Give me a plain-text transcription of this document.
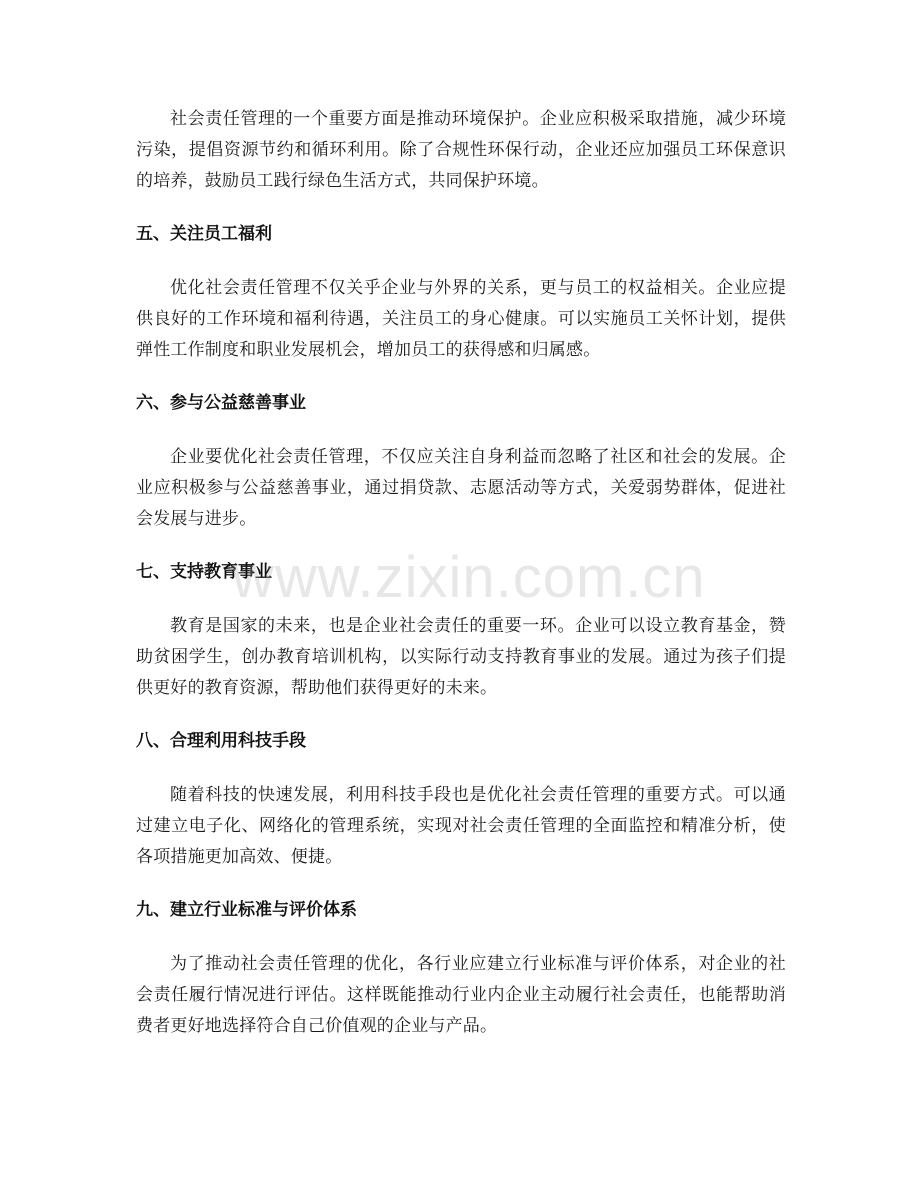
社会责任管理的一个重要方面是推动环境保护。企业应积极采取措施，减少环境污染，提倡资源节约和循环利用。除了合规性环保行动，企业还应加强员工环保意识的培养，鼓励员工践行绿色生活方式，共同保护环境。

五、关注员工福利

优化社会责任管理不仅关乎企业与外界的关系，更与员工的权益相关。企业应提供良好的工作环境和福利待遇，关注员工的身心健康。可以实施员工关怀计划，提供弹性工作制度和职业发展机会，增加员工的获得感和归属感。

六、参与公益慈善事业

企业要优化社会责任管理，不仅应关注自身利益而忽略了社区和社会的发展。企业应积极参与公益慈善事业，通过捐贷款、志愿活动等方式，关爱弱势群体，促进社会发展与进步。

七、支持教育事业

教育是国家的未来，也是企业社会责任的重要一环。企业可以设立教育基金，赞助贫困学生，创办教育培训机构，以实际行动支持教育事业的发展。通过为孩子们提供更好的教育资源，帮助他们获得更好的未来。

八、合理利用科技手段

随着科技的快速发展，利用科技手段也是优化社会责任管理的重要方式。可以通过建立电子化、网络化的管理系统，实现对社会责任管理的全面监控和精准分析，使各项措施更加高效、便捷。

九、建立行业标准与评价体系

为了推动社会责任管理的优化，各行业应建立行业标准与评价体系，对企业的社会责任履行情况进行评估。这样既能推动行业内企业主动履行社会责任，也能帮助消费者更好地选择符合自己价值观的企业与产品。

www.zixin.com.cn
